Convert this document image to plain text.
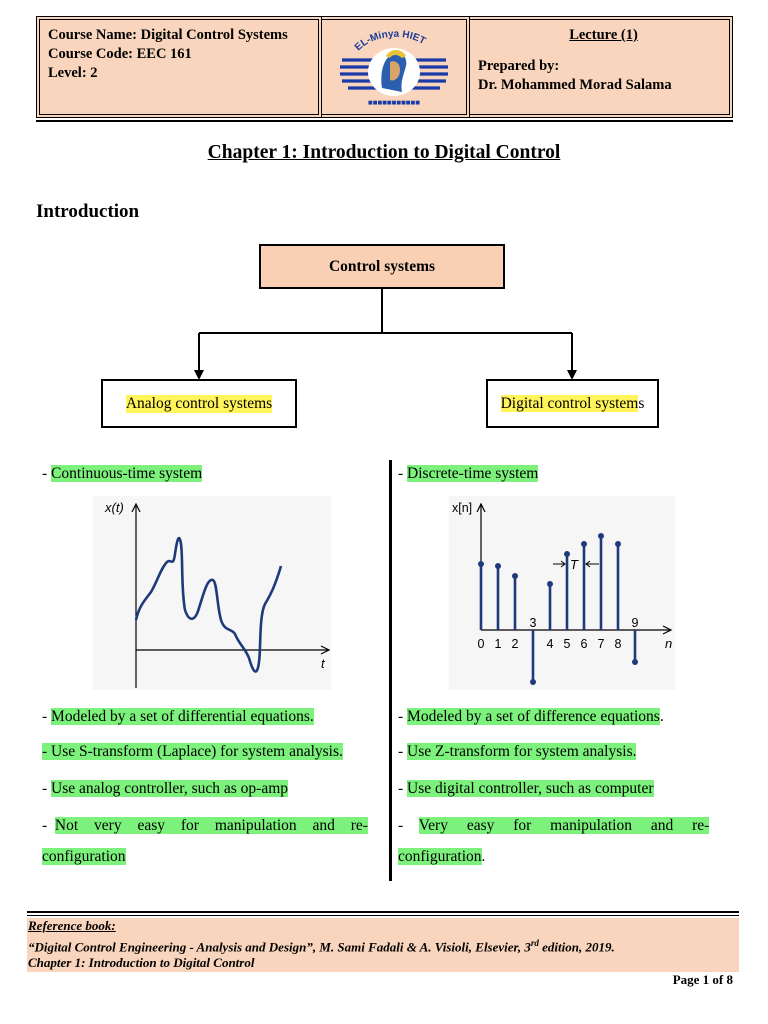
Course Name: Digital Control Systems
Course Code: EEC 161
Level: 2
EL-Minya HIET
■■■■■■■■■■■
Lecture (1)
Prepared by:
Dr. Mohammed Morad Salama
Chapter 1: Introduction to Digital Control
Introduction
Control systems
Analog control systems	Digital control systems
- Continuous-time system
x(t)
t
- Modeled by a set of differential equations.
- Use S-transform (Laplace) for system analysis.
- Use analog controller, such as op-amp
-  Not very easy for manipulation and re-
configuration
- Discrete-time system
x[n]
n
T
0 1 2
3
4 5 6 7 8
9
- Modeled by a set of difference equations.
- Use Z-transform for system analysis.
- Use digital controller, such as computer
-    Very easy for manipulation and re-
configuration.
Reference book:
“Digital Control Engineering - Analysis and Design”, M. Sami Fadali & A. Visioli, Elsevier, 3rd edition, 2019.
Chapter 1: Introduction to Digital Control
Page 1 of 8
